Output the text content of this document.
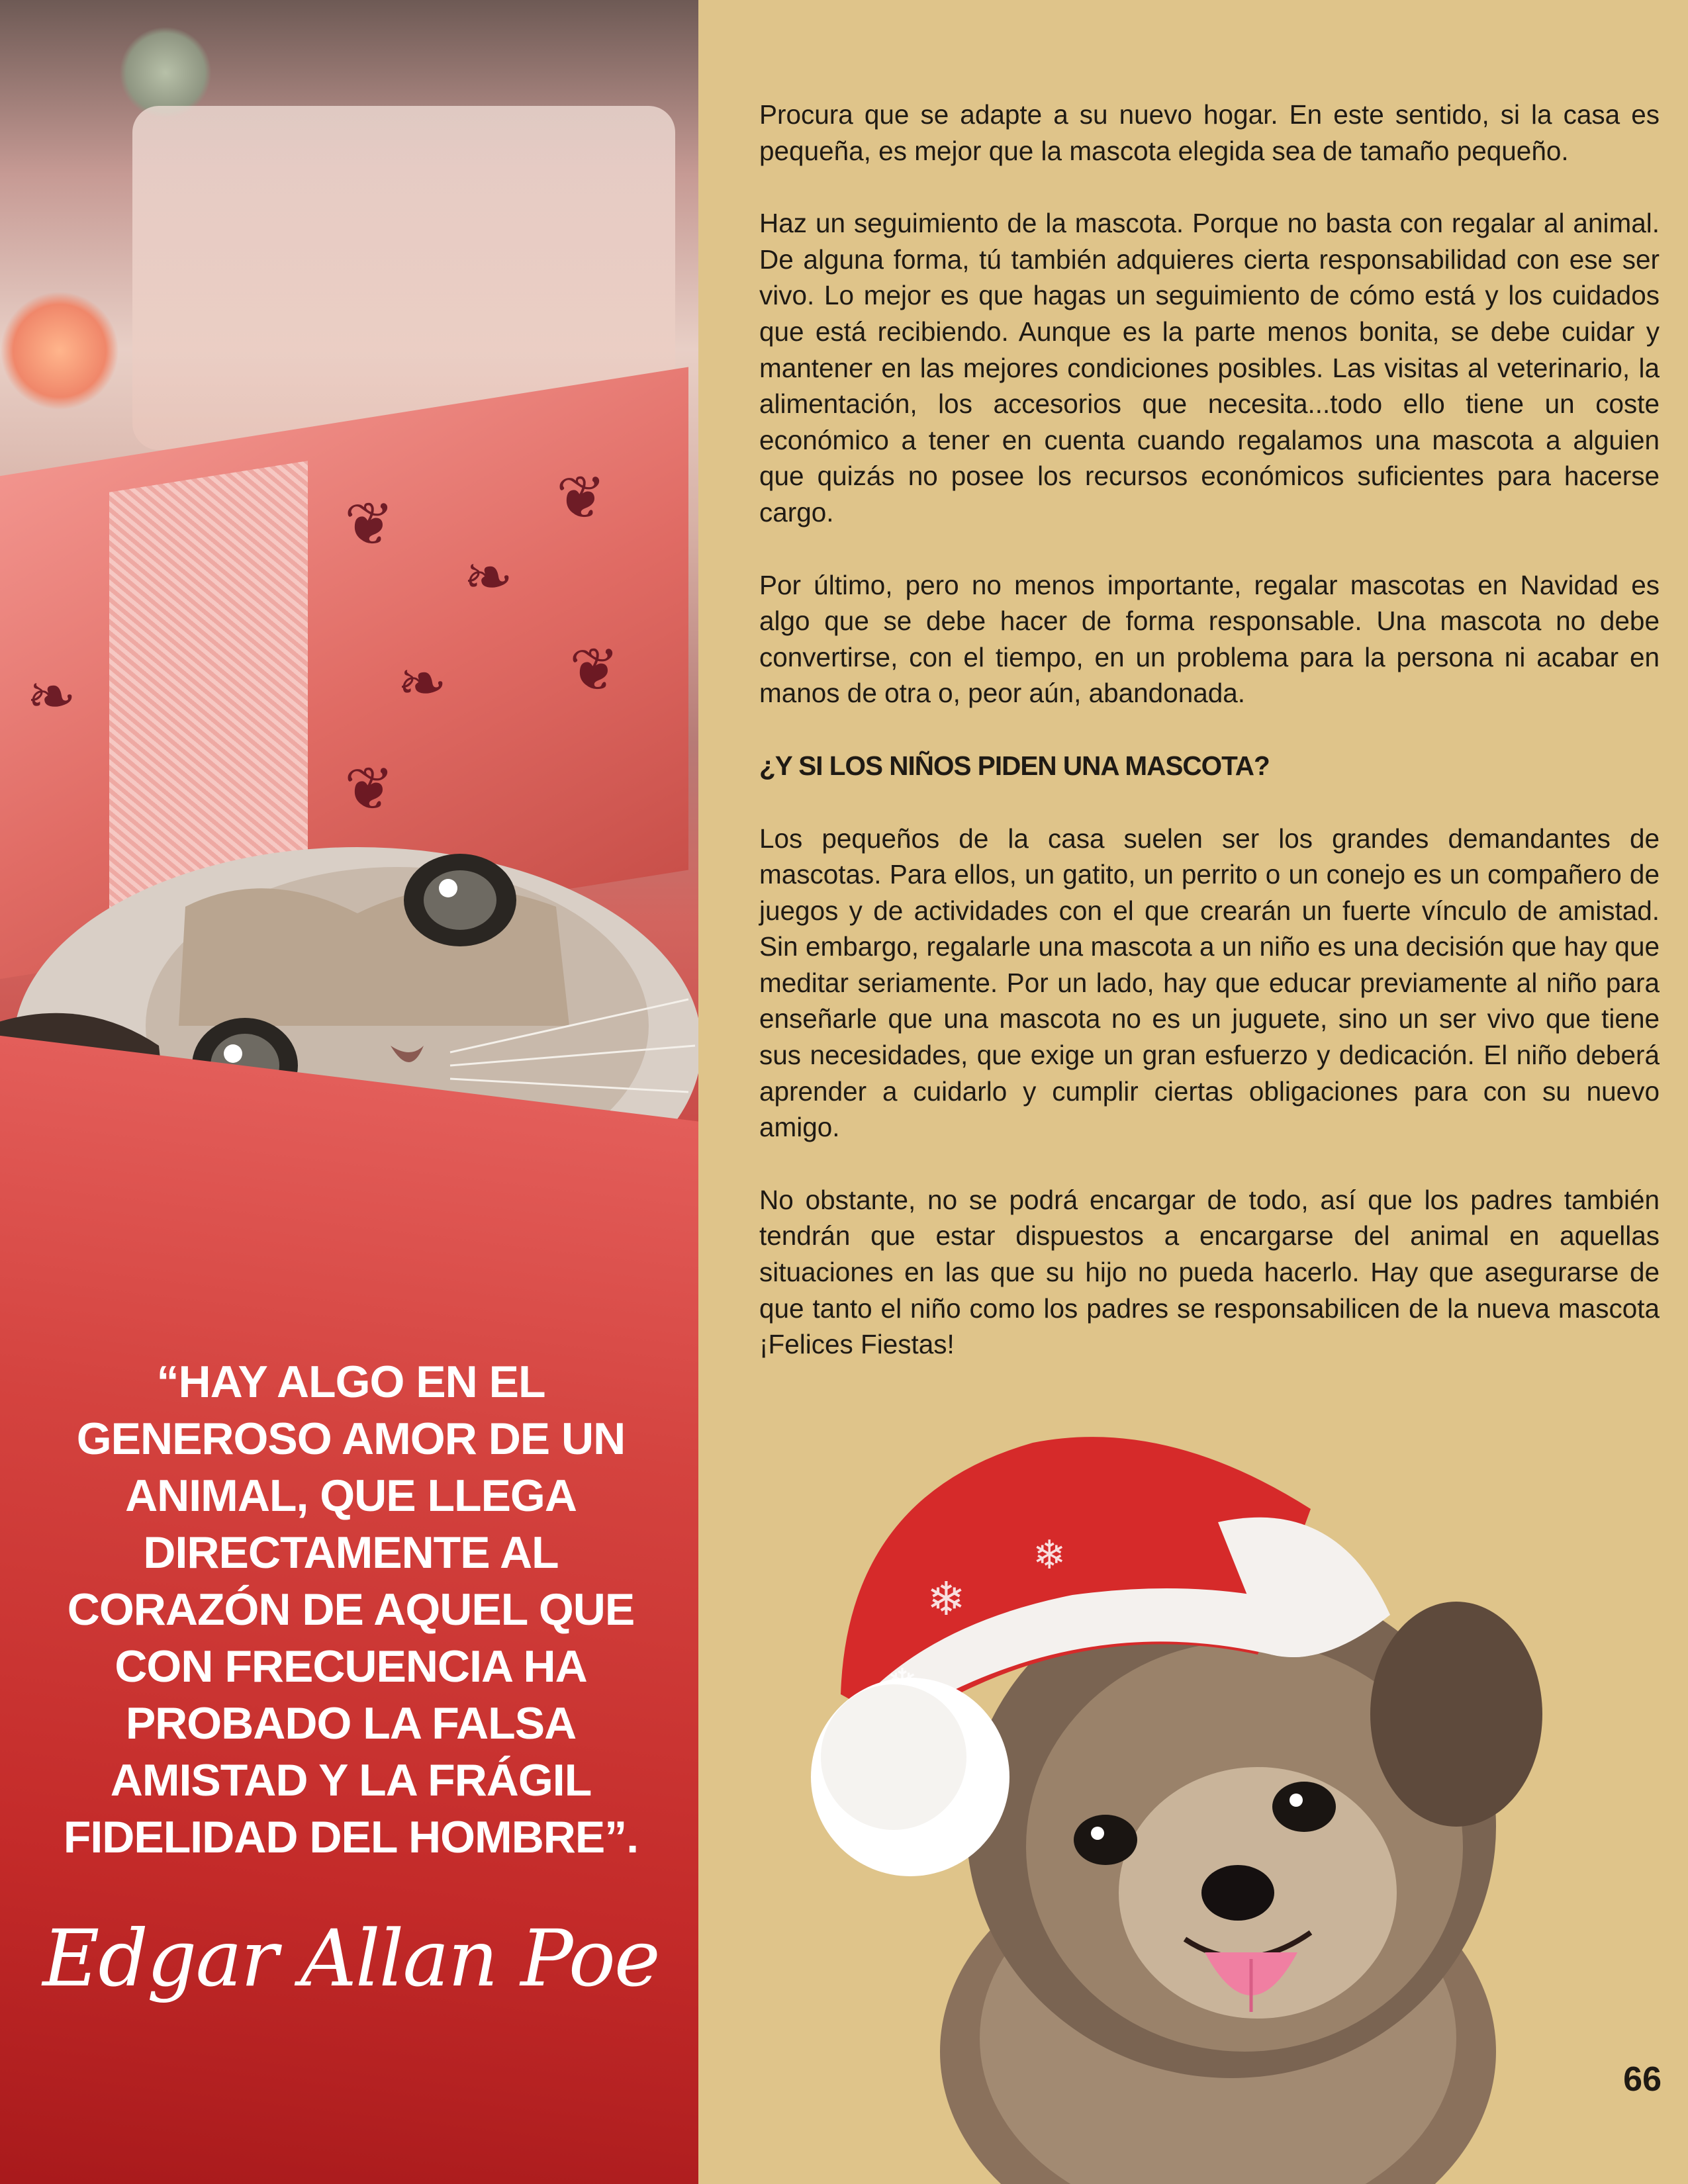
❦
❧
❦
❧ ❦
❧
❦

“HAY ALGO EN EL GENEROSO AMOR DE UN ANIMAL, QUE LLEGA DIRECTAMENTE AL CORAZÓN DE AQUEL QUE CON FRECUENCIA HA PROBADO LA FALSA AMISTAD Y LA FRÁGIL FIDELIDAD DEL HOMBRE”.

Edgar Allan Poe

Procura que se adapte a su nuevo hogar. En este sentido, si la casa es pequeña, es mejor que la mascota elegida sea de tamaño pequeño.

Haz un seguimiento de la mascota. Porque no basta con regalar al animal. De alguna forma, tú también adquieres cierta responsabilidad con ese ser vivo. Lo mejor es que hagas un seguimiento de cómo está y los cuidados que está recibiendo. Aunque es la parte menos bonita, se debe cuidar y mantener en las mejores condiciones posibles. Las visitas al veterinario, la alimentación, los accesorios que necesita...todo ello tiene un coste económico a tener en cuenta cuando regalamos una mascota a alguien que quizás no posee los recursos económicos suficientes para hacerse cargo.

Por último, pero no menos importante, regalar mascotas en Navidad es algo que se debe hacer de forma responsable. Una mascota no debe convertirse, con el tiempo, en un problema para la persona ni acabar en manos de otra o, peor aún, abandonada.

¿Y SI LOS NIÑOS PIDEN UNA MASCOTA?

Los pequeños de la casa suelen ser los grandes demandantes de mascotas. Para ellos, un gatito, un perrito o un conejo es un compañero de juegos y de actividades con el que crearán un fuerte vínculo de amistad. Sin embargo, regalarle una mascota a un niño es una decisión que hay que meditar seriamente. Por un lado, hay que educar previamente al niño para enseñarle que una mascota no es un juguete, sino un ser vivo que tiene sus necesidades, que exige un gran esfuerzo y dedicación. El niño deberá aprender a cuidarlo y cumplir ciertas obligaciones para con su nuevo amigo.

No obstante, no se podrá encargar de todo, así que los padres también tendrán que estar dispuestos a encargarse del animal en aquellas situaciones en las que su hijo no pueda hacerlo. Hay que asegurarse de que tanto el niño como los padres se responsabilicen de la nueva mascota ¡Felices Fiestas!

❄
❄
66
